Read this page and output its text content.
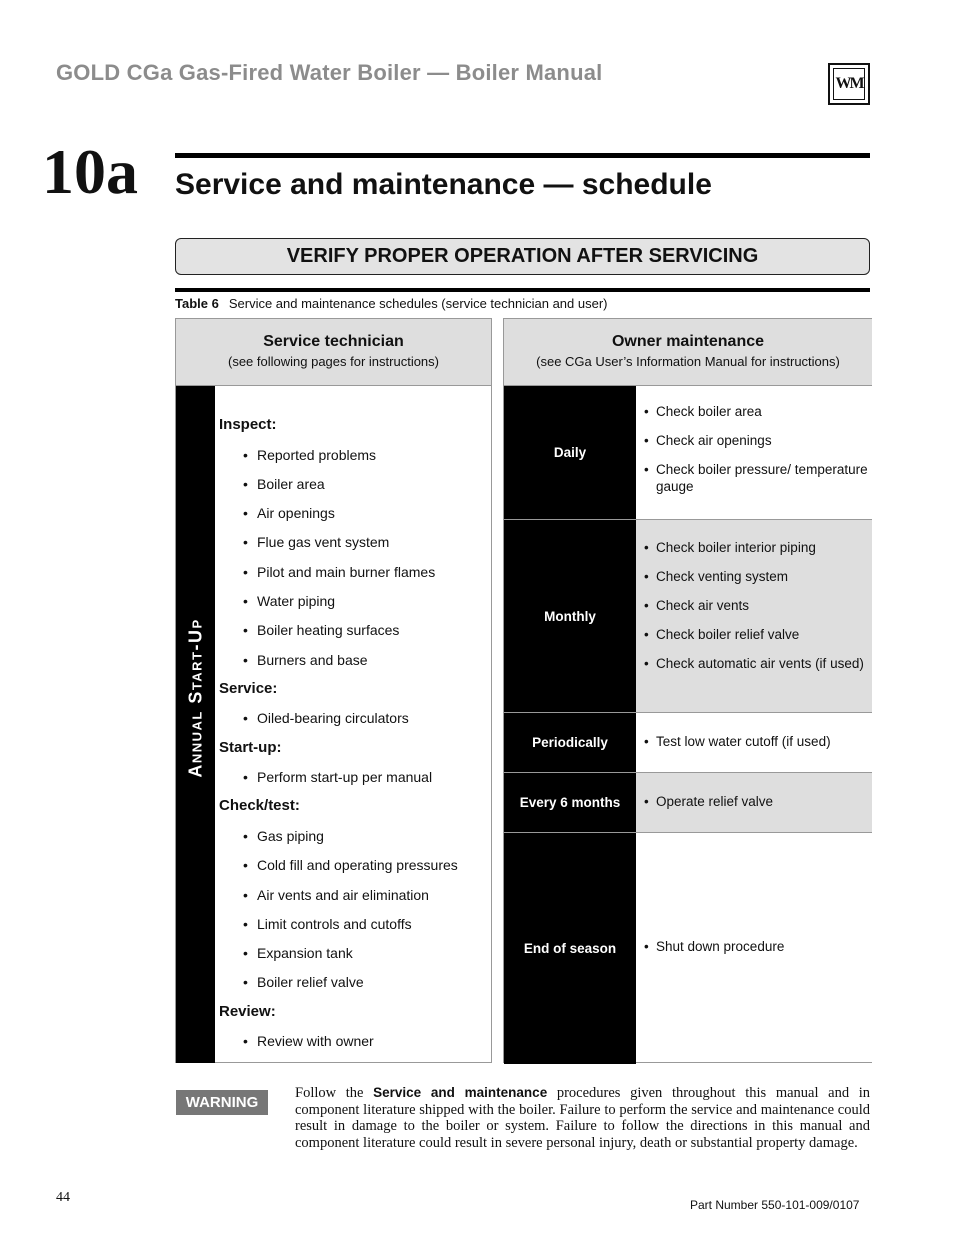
GOLD CGa Gas-Fired Water Boiler — Boiler Manual	WM
10a Service and maintenance — schedule
VERIFY PROPER OPERATION AFTER SERVICING
Table 6 Service and maintenance schedules (service technician and user)
Service technician
(see following pages for instructions)
Annual Start-Up
Inspect:
• Reported problems
• Boiler area
• Air openings
• Flue gas vent system
• Pilot and main burner flames
• Water piping
• Boiler heating surfaces
• Burners and base
Service:
• Oiled-bearing circulators
Start-up:
• Perform start-up per manual
Check/test:
• Gas piping
• Cold fill and operating pressures
• Air vents and air elimination
• Limit controls and cutoffs
• Expansion tank
• Boiler relief valve
Review:
• Review with owner
Owner maintenance
(see CGa User’s Information Manual for instructions)
Daily
• Check boiler area
• Check air openings
• Check boiler pressure/ temperature gauge
Monthly
• Check boiler interior piping
• Check venting system
• Check air vents
• Check boiler relief valve
• Check automatic air vents (if used)
Periodically	• Test low water cutoff (if used)
Every 6 months	• Operate relief valve
End of season	• Shut down procedure
WARNING
Follow the Service and maintenance procedures given throughout this manual and in component literature shipped with the boiler. Failure to perform the service and maintenance could result in damage to the boiler or system. Failure to follow the directions in this manual and component literature could result in severe personal injury, death or substantial property damage.
44	Part Number 550-101-009/0107
